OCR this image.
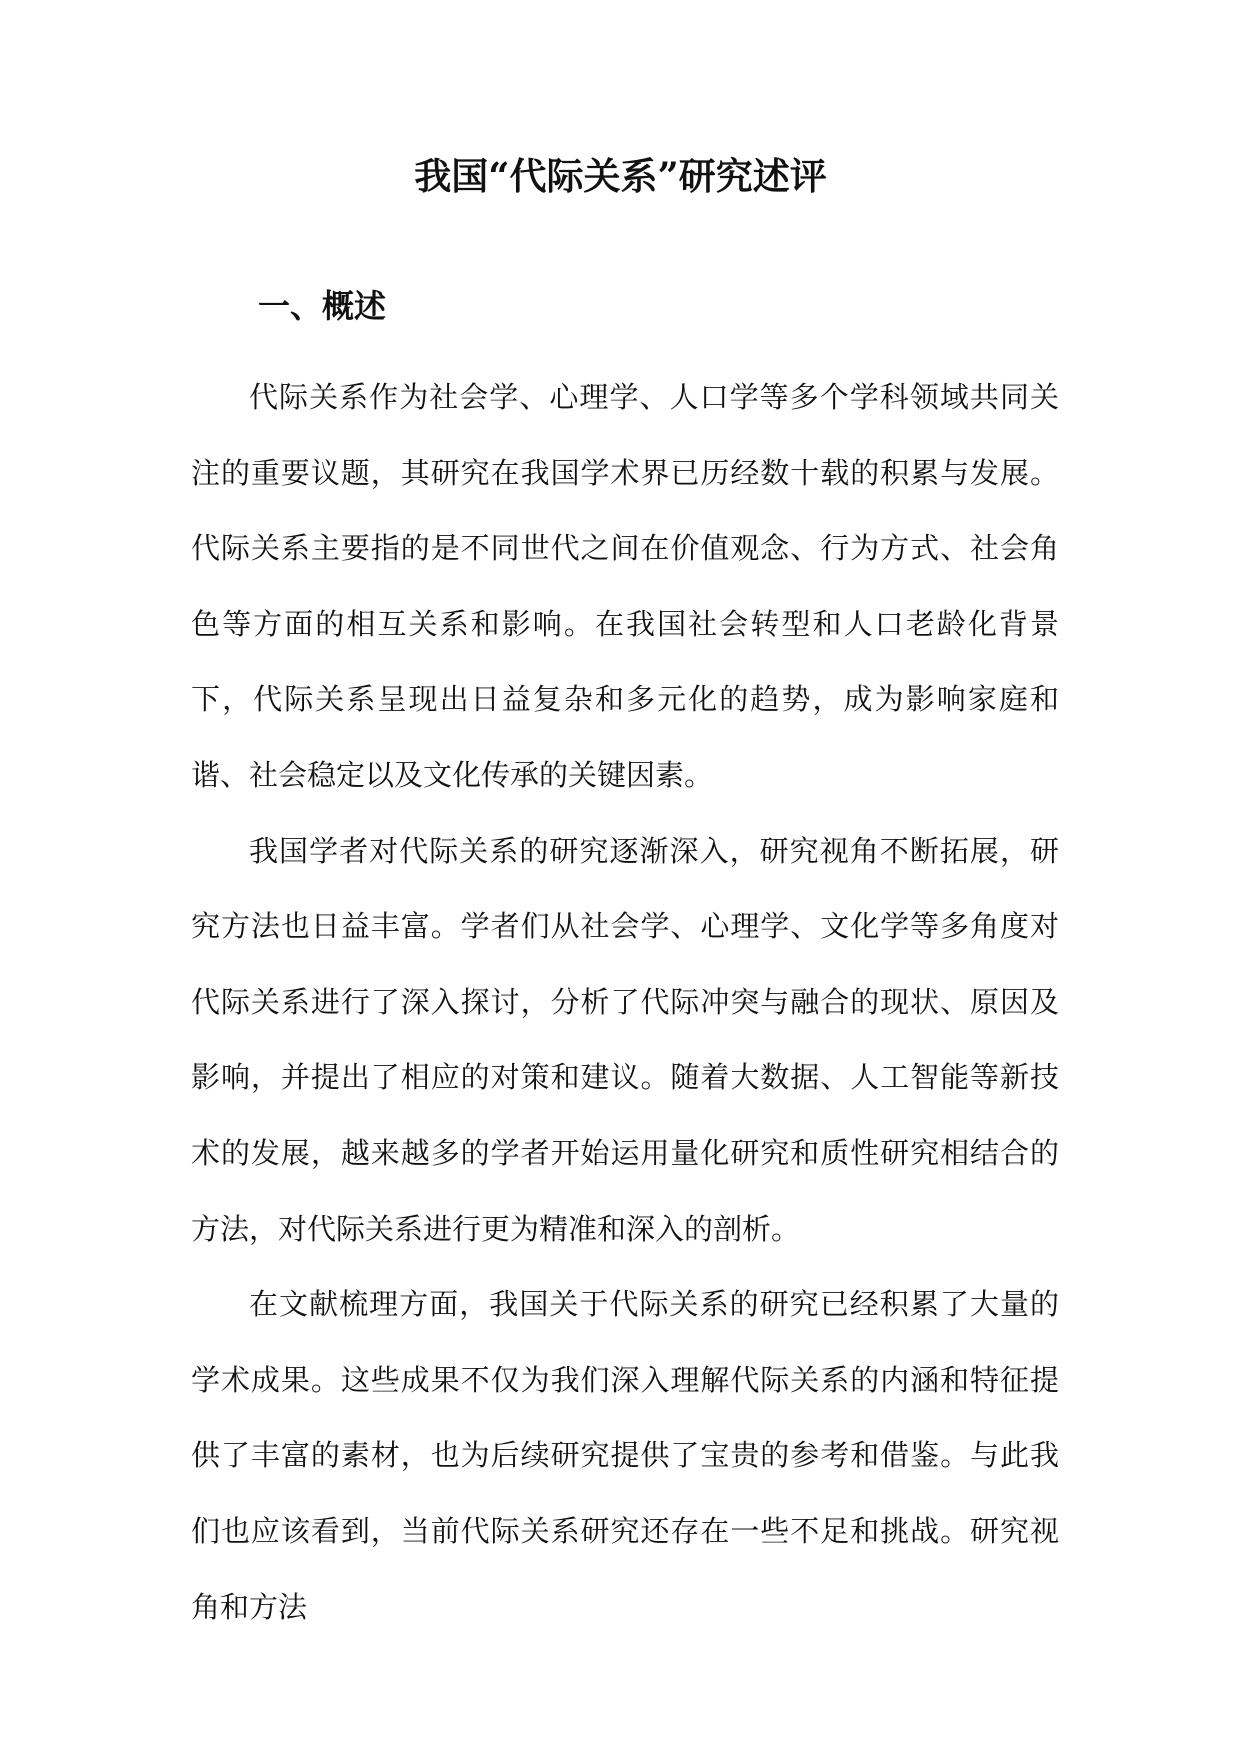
我国“代际关系”研究述评
一、概述

代际关系作为社会学、心理学、人口学等多个学科领域共同关注的重要议题，其研究在我国学术界已历经数十载的积累与发展。代际关系主要指的是不同世代之间在价值观念、行为方式、社会角色等方面的相互关系和影响。在我国社会转型和人口老龄化背景下，代际关系呈现出日益复杂和多元化的趋势，成为影响家庭和谐、社会稳定以及文化传承的关键因素。

我国学者对代际关系的研究逐渐深入，研究视角不断拓展，研究方法也日益丰富。学者们从社会学、心理学、文化学等多角度对代际关系进行了深入探讨，分析了代际冲突与融合的现状、原因及影响，并提出了相应的对策和建议。随着大数据、人工智能等新技术的发展，越来越多的学者开始运用量化研究和质性研究相结合的方法，对代际关系进行更为精准和深入的剖析。

在文献梳理方面，我国关于代际关系的研究已经积累了大量的学术成果。这些成果不仅为我们深入理解代际关系的内涵和特征提供了丰富的素材，也为后续研究提供了宝贵的参考和借鉴。与此我们也应该看到，当前代际关系研究还存在一些不足和挑战。研究视角和方法
